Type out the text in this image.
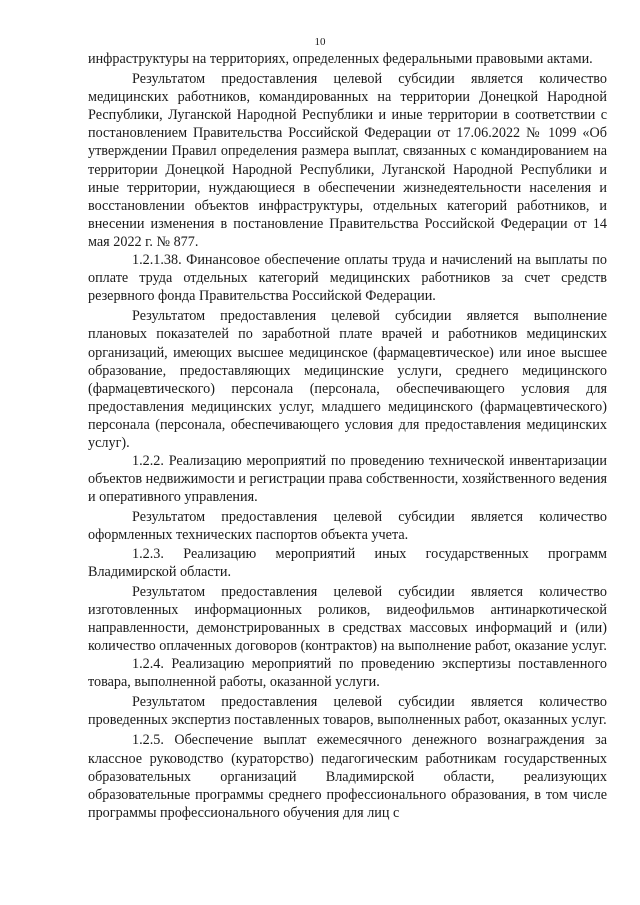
10

инфраструктуры на территориях, определенных федеральными правовыми актами.

Результатом предоставления целевой субсидии является количество медицинских работников, командированных на территории Донецкой Народной Республики, Луганской Народной Республики и иные территории в соответствии с постановлением Правительства Российской Федерации от 17.06.2022 № 1099 «Об утверждении Правил определения размера выплат, связанных с командированием на территории Донецкой Народной Республики, Луганской Народной Республики и иные территории, нуждающиеся в обеспечении жизнедеятельности населения и восстановлении объектов инфраструктуры, отдельных категорий работников, и внесении изменения в постановление Правительства Российской Федерации от 14 мая 2022 г. № 877.

1.2.1.38. Финансовое обеспечение оплаты труда и начислений на выплаты по оплате труда отдельных категорий медицинских работников за счет средств резервного фонда Правительства Российской Федерации.

Результатом предоставления целевой субсидии является выполнение плановых показателей по заработной плате врачей и работников медицинских организаций, имеющих высшее медицинское (фармацевтическое) или иное высшее образование, предоставляющих медицинские услуги, среднего медицинского (фармацевтического) персонала (персонала, обеспечивающего условия для предоставления медицинских услуг, младшего медицинского (фармацевтического) персонала (персонала, обеспечивающего условия для предоставления медицинских услуг).

1.2.2. Реализацию мероприятий по проведению технической инвентаризации объектов недвижимости и регистрации права собственности, хозяйственного ведения и оперативного управления.

Результатом предоставления целевой субсидии является количество оформленных технических паспортов объекта учета.

1.2.3. Реализацию мероприятий иных государственных программ Владимирской области.

Результатом предоставления целевой субсидии является количество изготовленных информационных роликов, видеофильмов антинаркотической направленности, демонстрированных в средствах массовых информаций и (или) количество оплаченных договоров (контрактов) на выполнение работ, оказание услуг.

1.2.4. Реализацию мероприятий по проведению экспертизы поставленного товара, выполненной работы, оказанной услуги.

Результатом предоставления целевой субсидии является количество проведенных экспертиз поставленных товаров, выполненных работ, оказанных услуг.

1.2.5. Обеспечение выплат ежемесячного денежного вознаграждения за классное руководство (кураторство) педагогическим работникам государственных образовательных организаций Владимирской области, реализующих образовательные программы среднего профессионального образования, в том числе программы профессионального обучения для лиц с
